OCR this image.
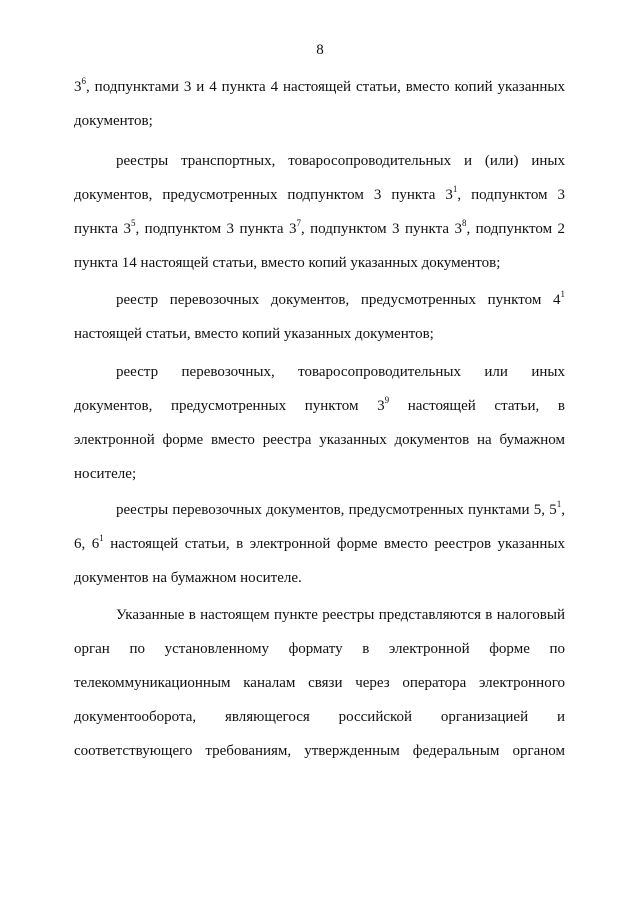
8
$3^6$, подпунктами 3 и 4 пункта 4 настоящей статьи, вместо копий указанных
документов;
реестры транспортных, товаросопроводительных и (или) иных
документов, предусмотренных подпунктом 3 пункта $3^1$, подпунктом 3
пункта $3^5$, подпунктом 3 пункта $3^7$, подпунктом 3 пункта $3^8$, подпунктом 2
пункта 14 настоящей статьи, вместо копий указанных документов;
реестр перевозочных документов, предусмотренных пунктом $4^1$
настоящей статьи, вместо копий указанных документов;
реестр перевозочных, товаросопроводительных или иных
документов, предусмотренных пунктом $3^9$ настоящей статьи, в
электронной форме вместо реестра указанных документов на бумажном
носителе;
реестры перевозочных документов, предусмотренных пунктами 5, $5^1$,
6, $6^1$ настоящей статьи, в электронной форме вместо реестров указанных
документов на бумажном носителе.
Указанные в настоящем пункте реестры представляются в налоговый
орган по установленному формату в электронной форме по
телекоммуникационным каналам связи через оператора электронного
документооборота, являющегося российской организацией и
соответствующего требованиям, утвержденным федеральным органом
